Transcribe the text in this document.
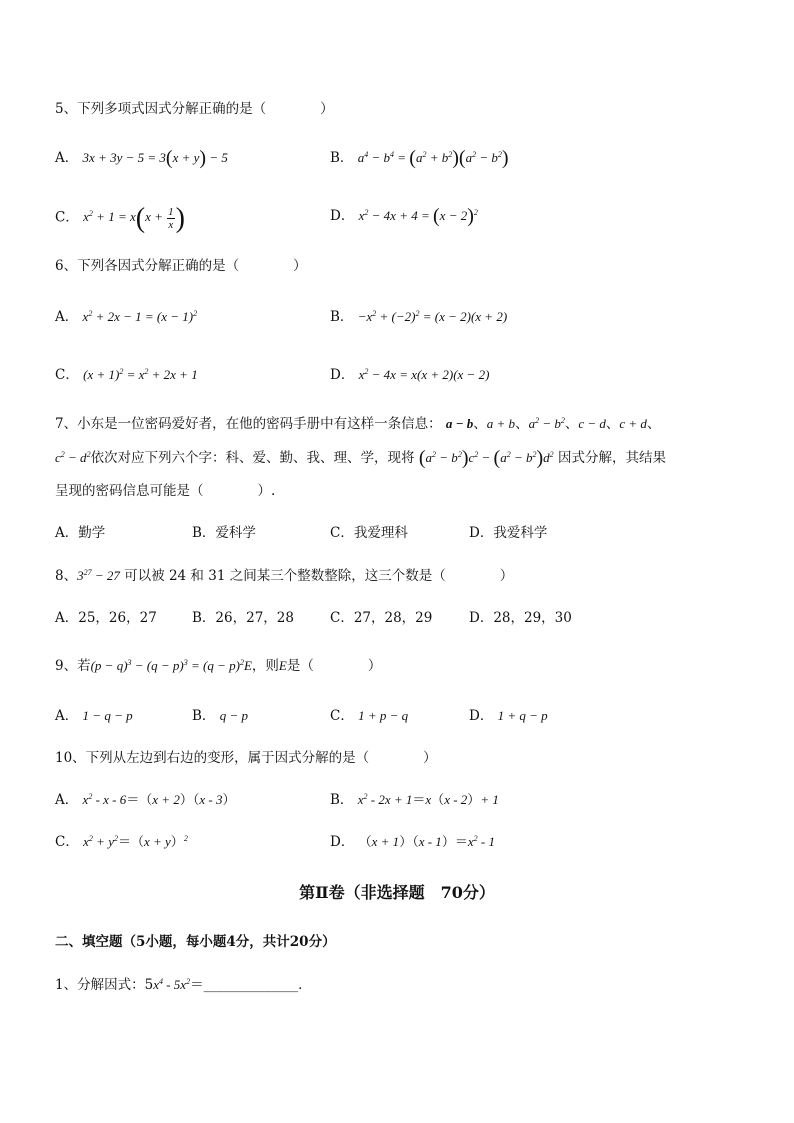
5、下列多项式因式分解正确的是（　　　　）
A． 3x + 3y − 5 = 3(x + y) − 5	B． $a^4 - b^4 = (a^2 + b^2)(a^2 - b^2)$
C． $x^2 + 1 = x(x + \frac{1}{x}$ )	D． $x^2 - 4x + 4 = (x - 2)^2$
6、下列各因式分解正确的是（　　　　）
A． $x^2 + 2x - 1 = (x - 1)^2$	B． $-x^2 + (-2)^2 = (x - 2)(x + 2)$
C． $(x + 1)^2 = x^2 + 2x + 1$	D． $x^2 - 4x = x(x + 2)(x - 2)$
7、小东是一位密码爱好者，在他的密码手册中有这样一条信息： a − b、a + b、$a^2 - b^2$、c − d、c + d、
$c^2 - d^2$依次对应下列六个字：科、爱、勤、我、理、学，现将 $(a^2 - b^2)c^2 - (a^2 - b^2)d^2$ 因式分解，其结果
呈现的密码信息可能是（　　　　）.
A．勤学	B．爱科学	C．我爱理科	D．我爱科学
8、$3^{27} - 27$ 可以被 24 和 31 之间某三个整数整除，这三个数是（　　　　）
A．25，26，27	B．26，27，28	C．27，28，29	D．28，29，30
9、若$(p - q)^3 - (q - p)^3 = (q - p)^2E$，则E是（　　　　）
A． 1 − q − p	B． q − p	C． 1 + p − q	D． 1 + q − p
10、下列从左边到右边的变形，属于因式分解的是（　　　　）
A． $x^2 - x - 6=(x + 2)(x - 3)$	B． $x^2 - 2x + 1=x(x - 2)+ 1$
C． $x^2 + y^2=(x + y)^2$	D． $(x + 1)(x - 1)=x^2 - 1$
第Ⅱ卷（非选择题　70分）
二、填空题（5小题，每小题4分，共计20分）
1、分解因式：$5x^4$ - $5x^2=\_\_\_\_\_\_\_\_\_\_\_\_\_\_$．
